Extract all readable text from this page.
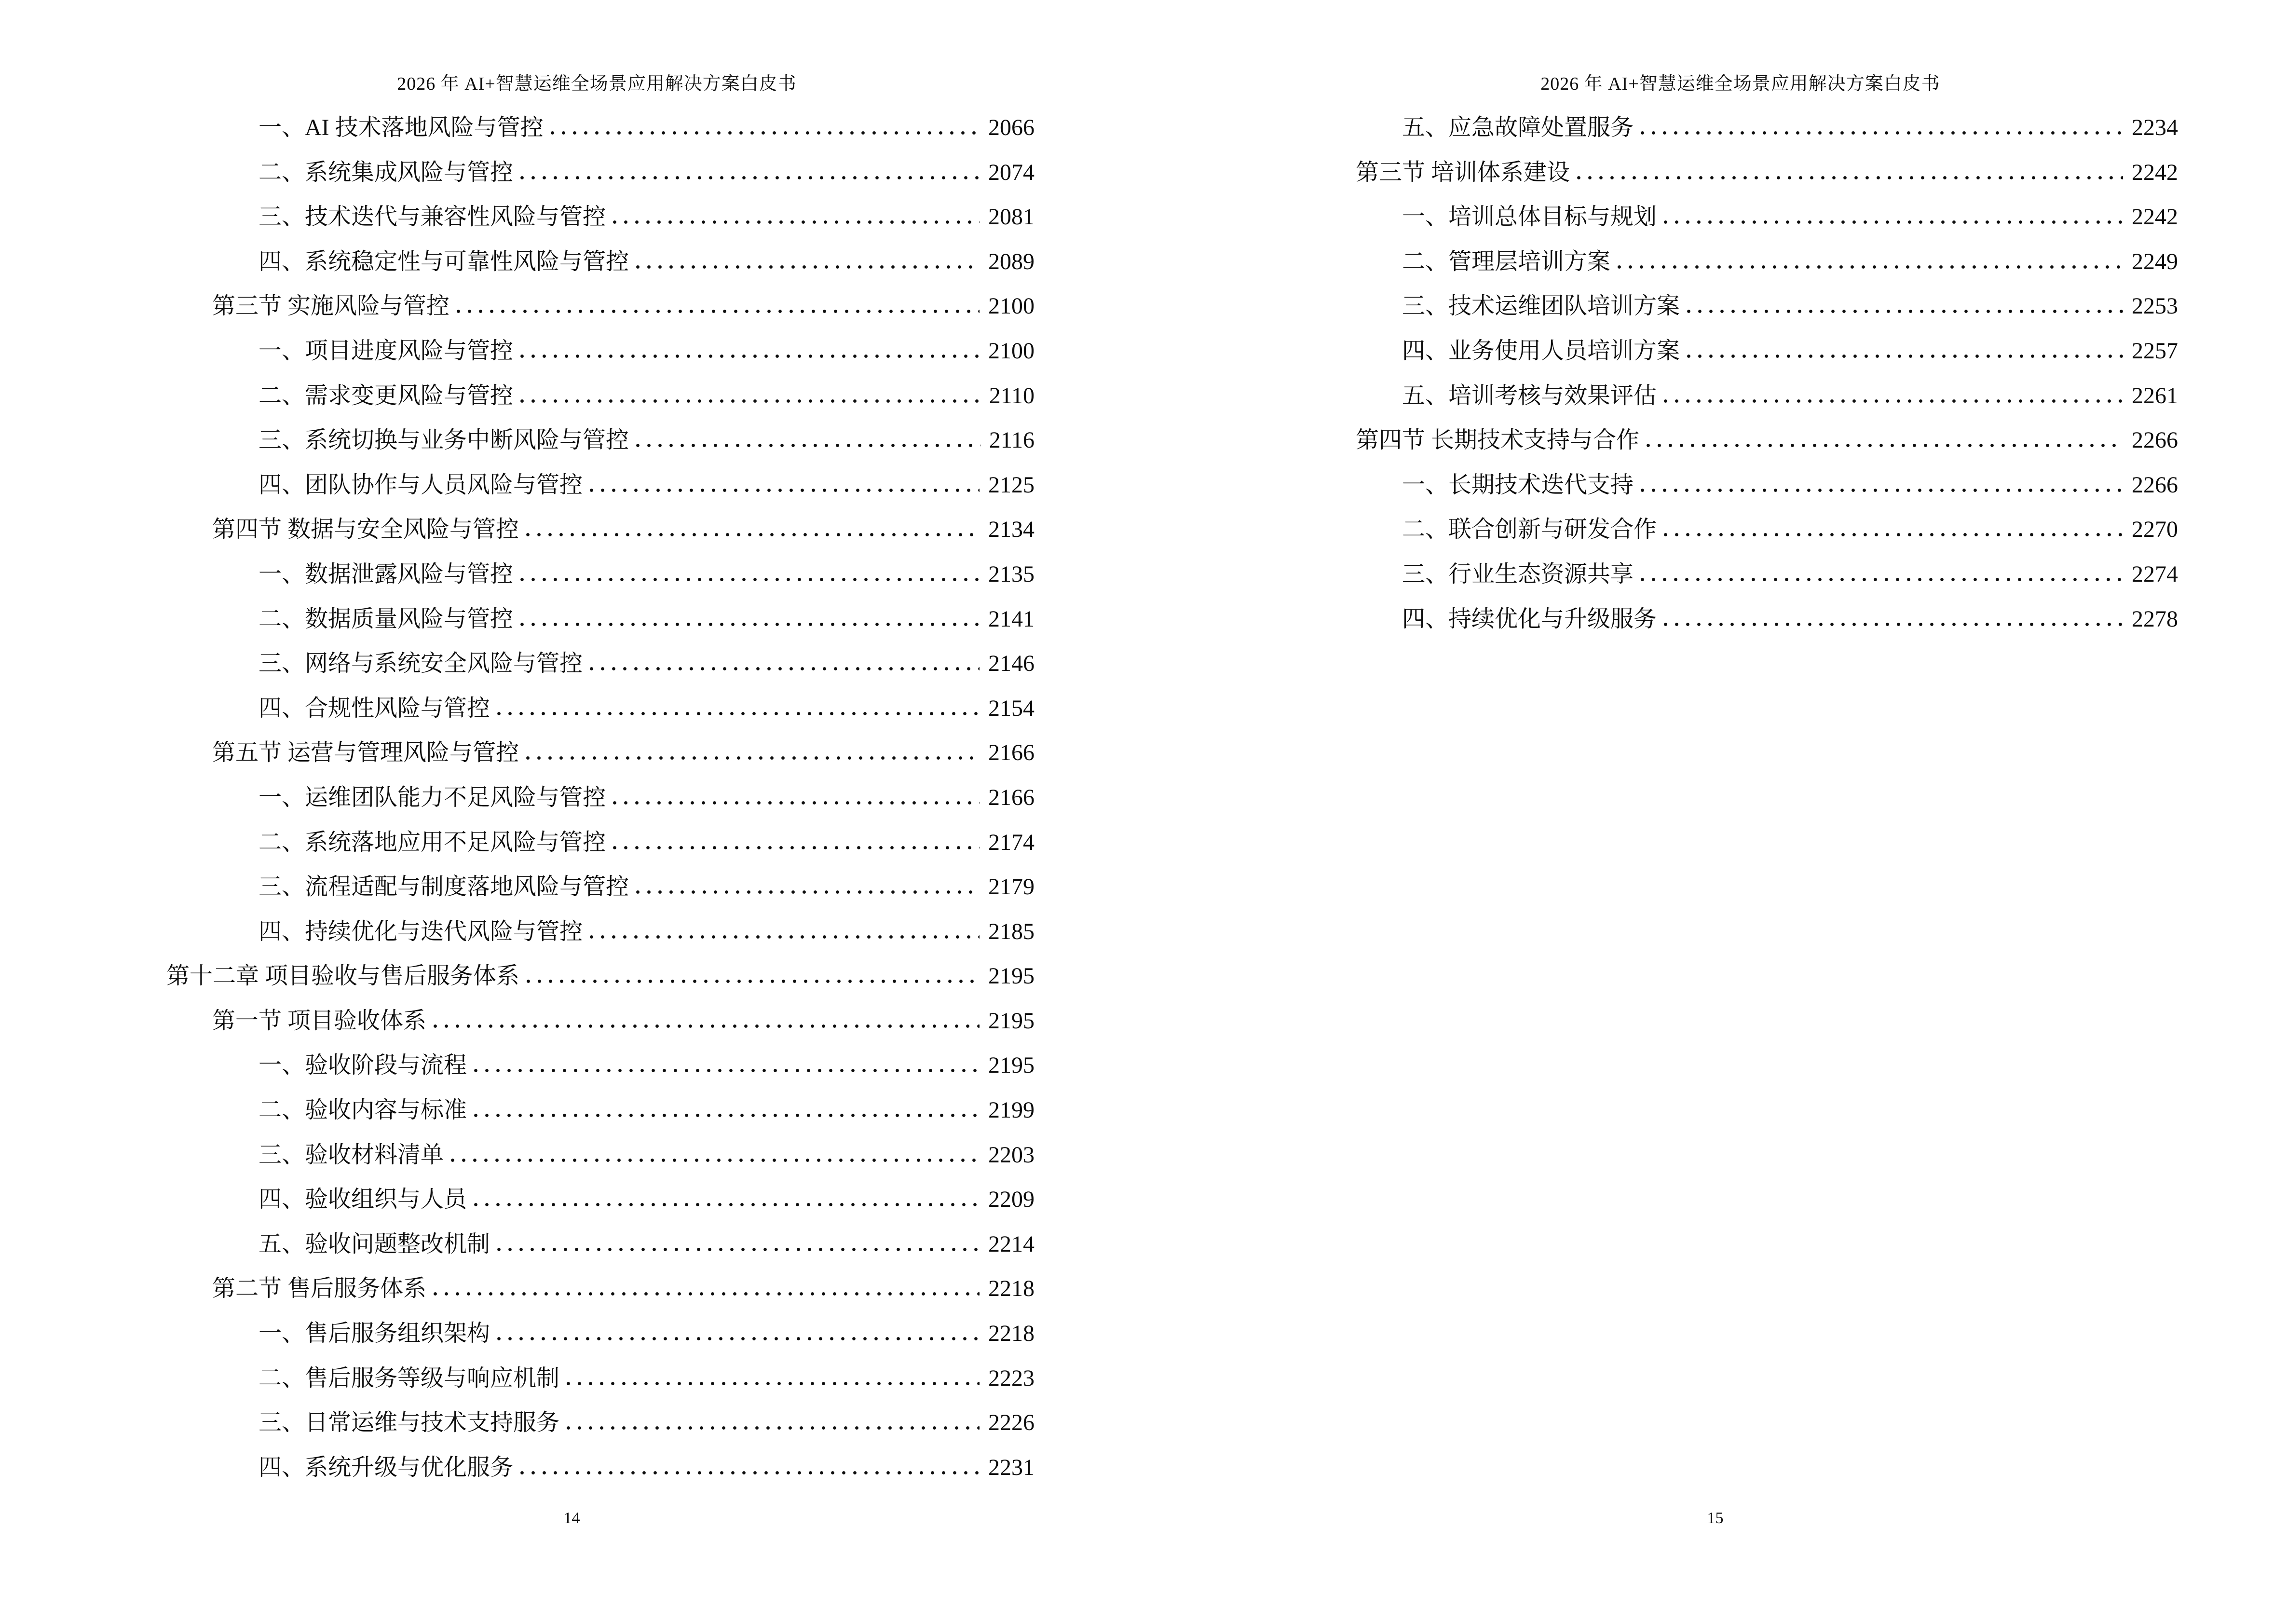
2026 年 AI+智慧运维全场景应用解决方案白皮书
一、AI 技术落地风险与管控	2066
二、系统集成风险与管控	2074
三、技术迭代与兼容性风险与管控	2081
四、系统稳定性与可靠性风险与管控	2089
第三节 实施风险与管控	2100
一、项目进度风险与管控	2100
二、需求变更风险与管控	2110
三、系统切换与业务中断风险与管控	2116
四、团队协作与人员风险与管控	2125
第四节 数据与安全风险与管控	2134
一、数据泄露风险与管控	2135
二、数据质量风险与管控	2141
三、网络与系统安全风险与管控	2146
四、合规性风险与管控	2154
第五节 运营与管理风险与管控	2166
一、运维团队能力不足风险与管控	2166
二、系统落地应用不足风险与管控	2174
三、流程适配与制度落地风险与管控	2179
四、持续优化与迭代风险与管控	2185
第十二章 项目验收与售后服务体系	2195
第一节 项目验收体系	2195
一、验收阶段与流程	2195
二、验收内容与标准	2199
三、验收材料清单	2203
四、验收组织与人员	2209
五、验收问题整改机制	2214
第二节 售后服务体系	2218
一、售后服务组织架构	2218
二、售后服务等级与响应机制	2223
三、日常运维与技术支持服务	2226
四、系统升级与优化服务	2231
14
2026 年 AI+智慧运维全场景应用解决方案白皮书
五、应急故障处置服务	2234
第三节 培训体系建设	2242
一、培训总体目标与规划	2242
二、管理层培训方案	2249
三、技术运维团队培训方案	2253
四、业务使用人员培训方案	2257
五、培训考核与效果评估	2261
第四节 长期技术支持与合作	2266
一、长期技术迭代支持	2266
二、联合创新与研发合作	2270
三、行业生态资源共享	2274
四、持续优化与升级服务	2278
15
